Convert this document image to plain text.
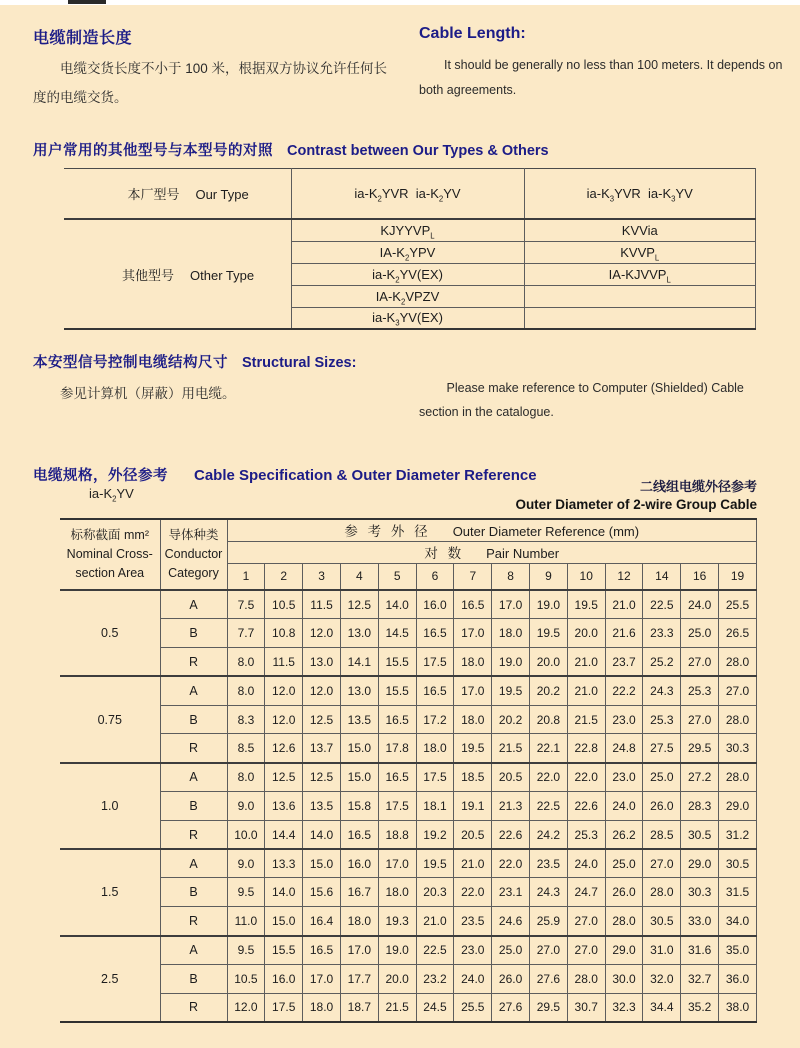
电缆制造长度

电缆交货长度不小于 100 米，根据双方协议允许任何长度的电缆交货。

Cable Length:

It should be generally no less than 100 meters. It depends on both agreements.

用户常用的其他型号与本型号的对照 Contrast between Our Types & Others

本厂型号 Our Type	$ia-K_2YVR$  $ia-K_2YV$	$ia-K_3YVR$  $ia-K_3YV$

其他型号 Other Type	$KJYYVP_L$	KVVia
	$IA-K_2YPV$	$KVVP_L$
	$ia-K_2YV(EX)$	$IA-KJVVP_L$
	$IA-K_2VPZV$	
	$ia-K_3YV(EX)$	
本安型信号控制电缆结构尺寸 Structural Sizes:

参见计算机（屏蔽）用电缆。	Please make reference to Computer (Shielded) Cable section in the catalogue.

电缆规格，外径参考 Cable Specification & Outer Diameter Reference
$ia-K_2YV$	二线组电缆外径参考
Outer Diameter of 2-wire Group Cable
标称截面 mm²
Nominal Cross-
section Area	导体种类
Conductor
Category	参 考 外 径 Outer Diameter Reference (mm)													
		对 数 Pair Number													
		1	2	3	4	5	6	7	8	9	10	12	14	16	19
0.5	A	7.5	10.5	11.5	12.5	14.0	16.0	16.5	17.0	19.0	19.5	21.0	22.5	24.0	25.5
	B	7.7	10.8	12.0	13.0	14.5	16.5	17.0	18.0	19.5	20.0	21.6	23.3	25.0	26.5
	R	8.0	11.5	13.0	14.1	15.5	17.5	18.0	19.0	20.0	21.0	23.7	25.2	27.0	28.0
0.75	A	8.0	12.0	12.0	13.0	15.5	16.5	17.0	19.5	20.2	21.0	22.2	24.3	25.3	27.0
	B	8.3	12.0	12.5	13.5	16.5	17.2	18.0	20.2	20.8	21.5	23.0	25.3	27.0	28.0
	R	8.5	12.6	13.7	15.0	17.8	18.0	19.5	21.5	22.1	22.8	24.8	27.5	29.5	30.3
1.0	A	8.0	12.5	12.5	15.0	16.5	17.5	18.5	20.5	22.0	22.0	23.0	25.0	27.2	28.0
	B	9.0	13.6	13.5	15.8	17.5	18.1	19.1	21.3	22.5	22.6	24.0	26.0	28.3	29.0
	R	10.0	14.4	14.0	16.5	18.8	19.2	20.5	22.6	24.2	25.3	26.2	28.5	30.5	31.2
1.5	A	9.0	13.3	15.0	16.0	17.0	19.5	21.0	22.0	23.5	24.0	25.0	27.0	29.0	30.5
	B	9.5	14.0	15.6	16.7	18.0	20.3	22.0	23.1	24.3	24.7	26.0	28.0	30.3	31.5
	R	11.0	15.0	16.4	18.0	19.3	21.0	23.5	24.6	25.9	27.0	28.0	30.5	33.0	34.0
2.5	A	9.5	15.5	16.5	17.0	19.0	22.5	23.0	25.0	27.0	27.0	29.0	31.0	31.6	35.0
	B	10.5	16.0	17.0	17.7	20.0	23.2	24.0	26.0	27.6	28.0	30.0	32.0	32.7	36.0
	R	12.0	17.5	18.0	18.7	21.5	24.5	25.5	27.6	29.5	30.7	32.3	34.4	35.2	38.0
